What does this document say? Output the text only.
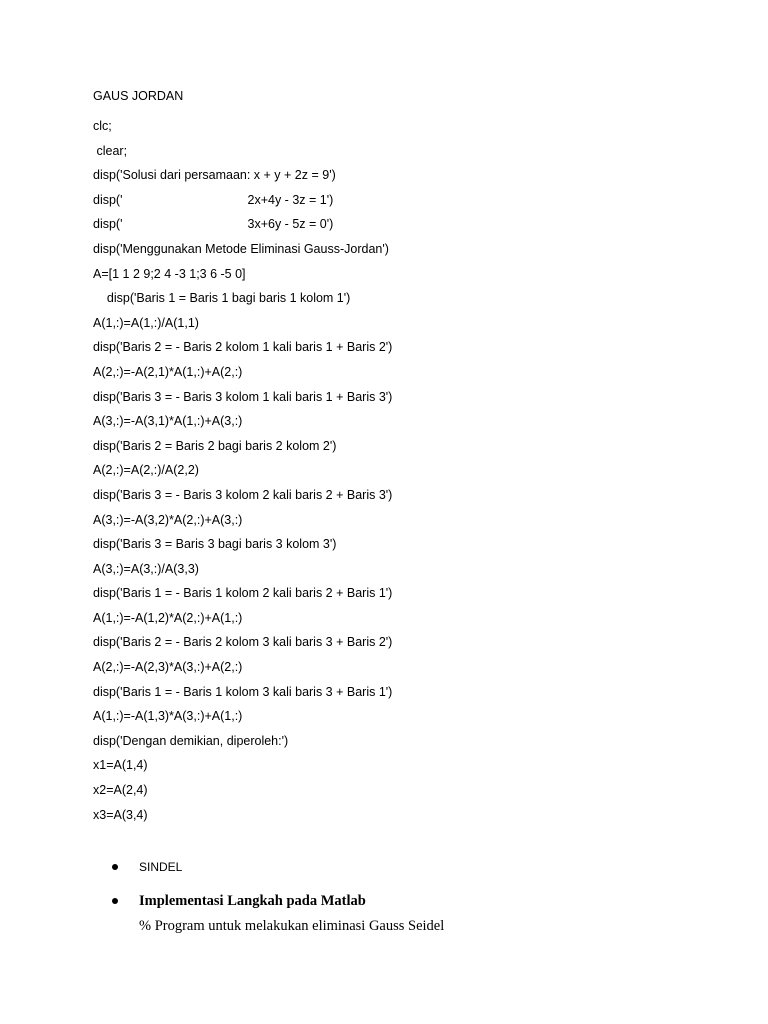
GAUS JORDAN
clc;
clear;
disp('Solusi dari persamaan: x + y + 2z = 9')
disp('                                    2x+4y - 3z = 1')
disp('                                    3x+6y - 5z = 0')
disp('Menggunakan Metode Eliminasi Gauss-Jordan')
A=[1 1 2 9;2 4 -3 1;3 6 -5 0]
disp('Baris 1 = Baris 1 bagi baris 1 kolom 1')
A(1,:)=A(1,:)/A(1,1)
disp('Baris 2 = - Baris 2 kolom 1 kali baris 1 + Baris 2')
A(2,:)=-A(2,1)*A(1,:)+A(2,:)
disp('Baris 3 = - Baris 3 kolom 1 kali baris 1 + Baris 3')
A(3,:)=-A(3,1)*A(1,:)+A(3,:)
disp('Baris 2 = Baris 2 bagi baris 2 kolom 2')
A(2,:)=A(2,:)/A(2,2)
disp('Baris 3 = - Baris 3 kolom 2 kali baris 2 + Baris 3')
A(3,:)=-A(3,2)*A(2,:)+A(3,:)
disp('Baris 3 = Baris 3 bagi baris 3 kolom 3')
A(3,:)=A(3,:)/A(3,3)
disp('Baris 1 = - Baris 1 kolom 2 kali baris 2 + Baris 1')
A(1,:)=-A(1,2)*A(2,:)+A(1,:)
disp('Baris 2 = - Baris 2 kolom 3 kali baris 3 + Baris 2')
A(2,:)=-A(2,3)*A(3,:)+A(2,:)
disp('Baris 1 = - Baris 1 kolom 3 kali baris 3 + Baris 1')
A(1,:)=-A(1,3)*A(3,:)+A(1,:)
disp('Dengan demikian, diperoleh:')
x1=A(1,4)
x2=A(2,4)
x3=A(3,4)
SINDEL
Implementasi Langkah pada Matlab
% Program untuk melakukan eliminasi Gauss Seidel
